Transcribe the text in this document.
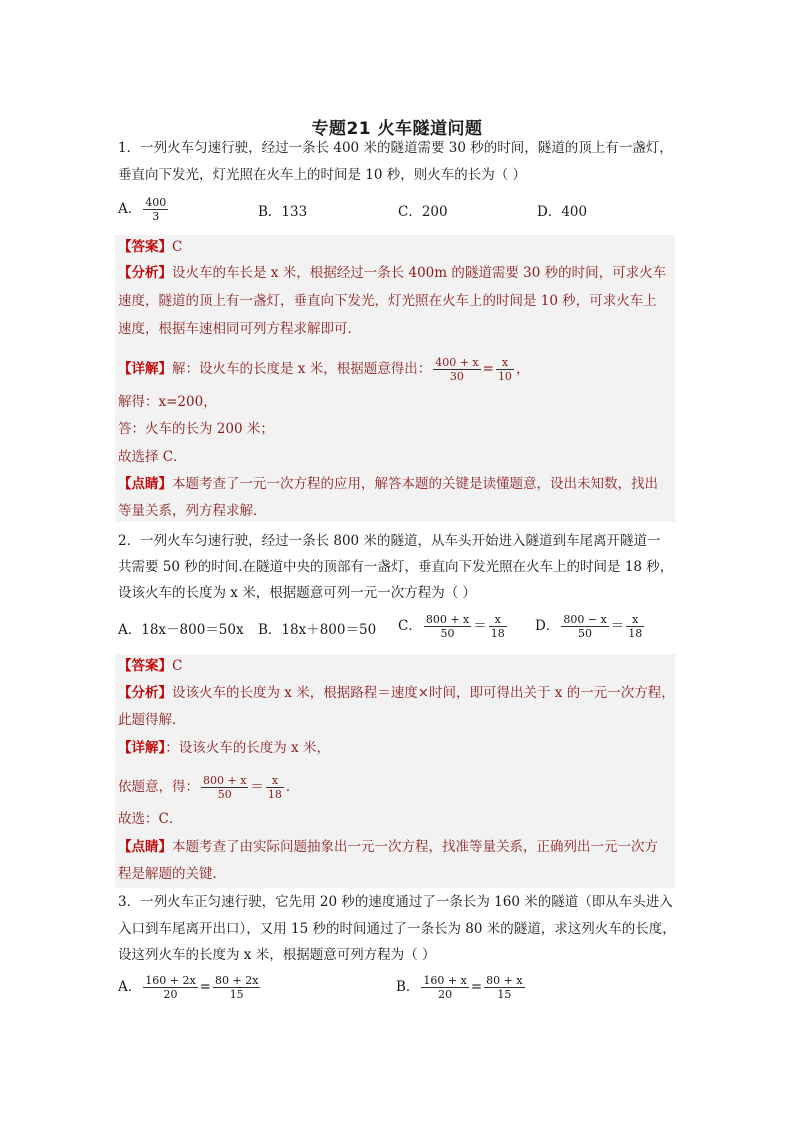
专题21 火车隧道问题
1．一列火车匀速行驶，经过一条长 400 米的隧道需要 30 秒的时间，隧道的顶上有一盏灯，
垂直向下发光，灯光照在火车上的时间是 10 秒，则火车的长为（ ）
A． $\frac{400}{3}$	B．133	C．200	D．400
【答案】C
【分析】设火车的车长是 x 米，根据经过一条长 400m 的隧道需要 30 秒的时间，可求火车
速度，隧道的顶上有一盏灯，垂直向下发光，灯光照在火车上的时间是 10 秒，可求火车上
速度，根据车速相同可列方程求解即可．
【详解】解：设火车的长度是 x 米，根据题意得出： $\frac{400 + x}{30} = \frac{x}{10}$ ，
解得：x=200，
答：火车的长为 200 米；
故选择 C．
【点睛】本题考查了一元一次方程的应用，解答本题的关键是读懂题意，设出未知数，找出
等量关系，列方程求解．
2．一列火车匀速行驶，经过一条长 800 米的隧道，从车头开始进入隧道到车尾离开隧道一
共需要 50 秒的时间.在隧道中央的顶部有一盏灯，垂直向下发光照在火车上的时间是 18 秒，
设该火车的长度为 x 米，根据题意可列一元一次方程为（ ）
A．18x－800＝50x B．18x＋800＝50 C． $\frac{800 + x}{50} = \frac{x}{18}$ D． $\frac{800 - x}{50} = \frac{x}{18}$
【答案】C
【分析】设该火车的长度为 x 米，根据路程＝速度×时间，即可得出关于 x 的一元一次方程，
此题得解．
【详解】：设该火车的长度为 x 米，
依题意，得： $\frac{800 + x}{50} = \frac{x}{18}$ ．
故选：C．
【点睛】本题考查了由实际问题抽象出一元一次方程，找准等量关系，正确列出一元一次方
程是解题的关键．
3．一列火车正匀速行驶，它先用 20 秒的速度通过了一条长为 160 米的隧道（即从车头进入
入口到车尾离开出口），又用 15 秒的时间通过了一条长为 80 米的隧道，求这列火车的长度，
设这列火车的长度为 x 米，根据题意可列方程为（ ）
A． $\frac{160 + 2x}{20} = \frac{80 + 2x}{15}$	B． $\frac{160 + x}{20} = \frac{80 + x}{15}$
